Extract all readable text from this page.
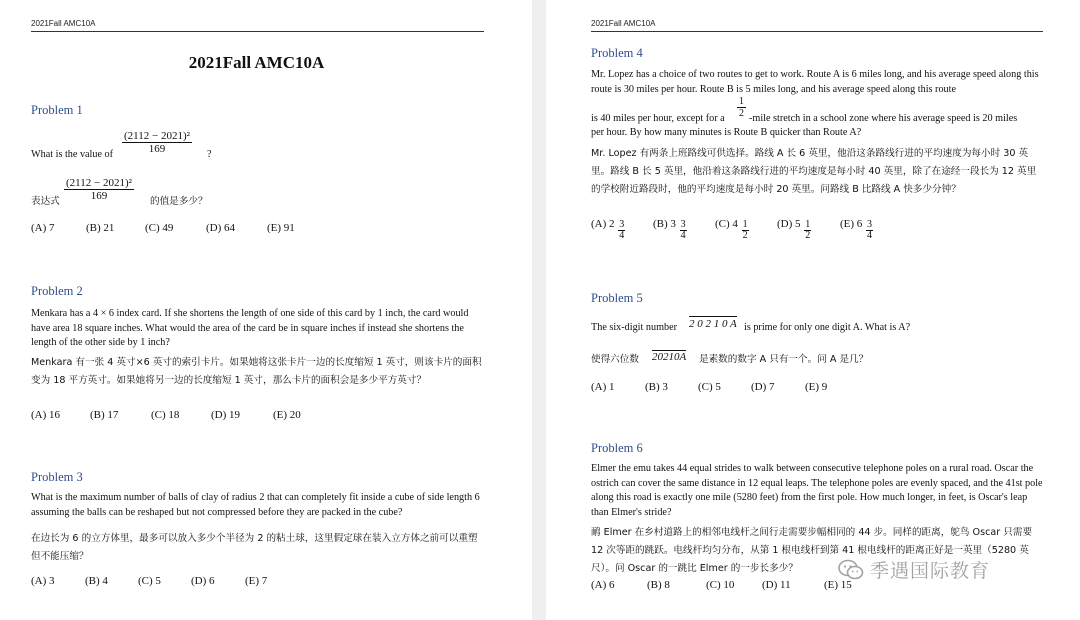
2021Fall AMC10A
2021Fall AMC10A
Problem 1
What is the value of $\frac{\text{(2112 − 2021)²}}{169}$ ?
表达式 $\frac{\text{(2112 − 2021)²}}{169}$ 的值是多少？
(A) 7	(B) 21	(C) 49	(D) 64	(E) 91
Problem 2
Menkara has a 4 × 6 index card. If she shortens the length of one side of this card by 1 inch, the card would have area 18 square inches. What would the area of the card be in square inches if instead she shortens the length of the other side by 1 inch?
Menkara 有一张 4 英寸×6 英寸的索引卡片。如果她将这张卡片一边的长度缩短 1 英寸，则该卡片的面积变为 18 平方英寸。如果她将另一边的长度缩短 1 英寸，那么卡片的面积会是多少平方英寸？
(A) 16	(B) 17	(C) 18	(D) 19	(E) 20
Problem 3
What is the maximum number of balls of clay of radius 2 that can completely fit inside a cube of side length 6 assuming the balls can be reshaped but not compressed before they are packed in the cube?
在边长为 6 的立方体里，最多可以放入多少个半径为 2 的粘土球，这里假定球在装入立方体之前可以重塑但不能压缩？
(A) 3	(B) 4	(C) 5	(D) 6	(E) 7
2021Fall AMC10A
Problem 4
Mr. Lopez has a choice of two routes to get to work. Route A is 6 miles long, and his average speed along this route is 30 miles per hour. Route B is 5 miles long, and his average speed along this route
is 40 miles per hour, except for a $\frac{1}{2}$ -mile stretch in a school zone where his average speed is 20 miles
per hour. By how many minutes is Route B quicker than Route A?
Mr. Lopez 有两条上班路线可供选择。路线 A 长 6 英里，他沿这条路线行进的平均速度为每小时 30 英里。路线 B 长 5 英里，他沿着这条路线行进的平均速度是每小时 40 英里，除了在途经一段长为 12 英里的学校附近路段时，他的平均速度是每小时 20 英里。问路线 B 比路线 A 快多少分钟？
(A) $2 \frac{3}{4}$	(B) $3 \frac{3}{4}$	(C) $4 \frac{1}{2}$	(D) $5 \frac{1}{2}$	(E) $6 \frac{3}{4}$
Problem 5
The six-digit number 2 0 2 1 0 A is prime for only one digit A. What is A?
使得六位数 20210A 是素数的数字 A 只有一个。问 A 是几？
(A) 1	(B) 3	(C) 5	(D) 7	(E) 9
Problem 6
Elmer the emu takes 44 equal strides to walk between consecutive telephone poles on a rural road. Oscar the ostrich can cover the same distance in 12 equal leaps. The telephone poles are evenly spaced, and the 41st pole along this road is exactly one mile (5280 feet) from the first pole. How much longer, in feet, is Oscar's leap than Elmer's stride?
鸸 Elmer 在乡村道路上的相邻电线杆之间行走需要步幅相同的 44 步。同样的距离，鸵鸟 Oscar 只需要 12 次等距的跳跃。电线杆均匀分布，从第 1 根电线杆到第 41 根电线杆的距离正好是一英里（5280 英尺）。问 Oscar 的一跳比 Elmer 的一步长多少？
(A) 6	(B) 8	(C) 10	(D) 11	(E) 15
季遇国际教育
